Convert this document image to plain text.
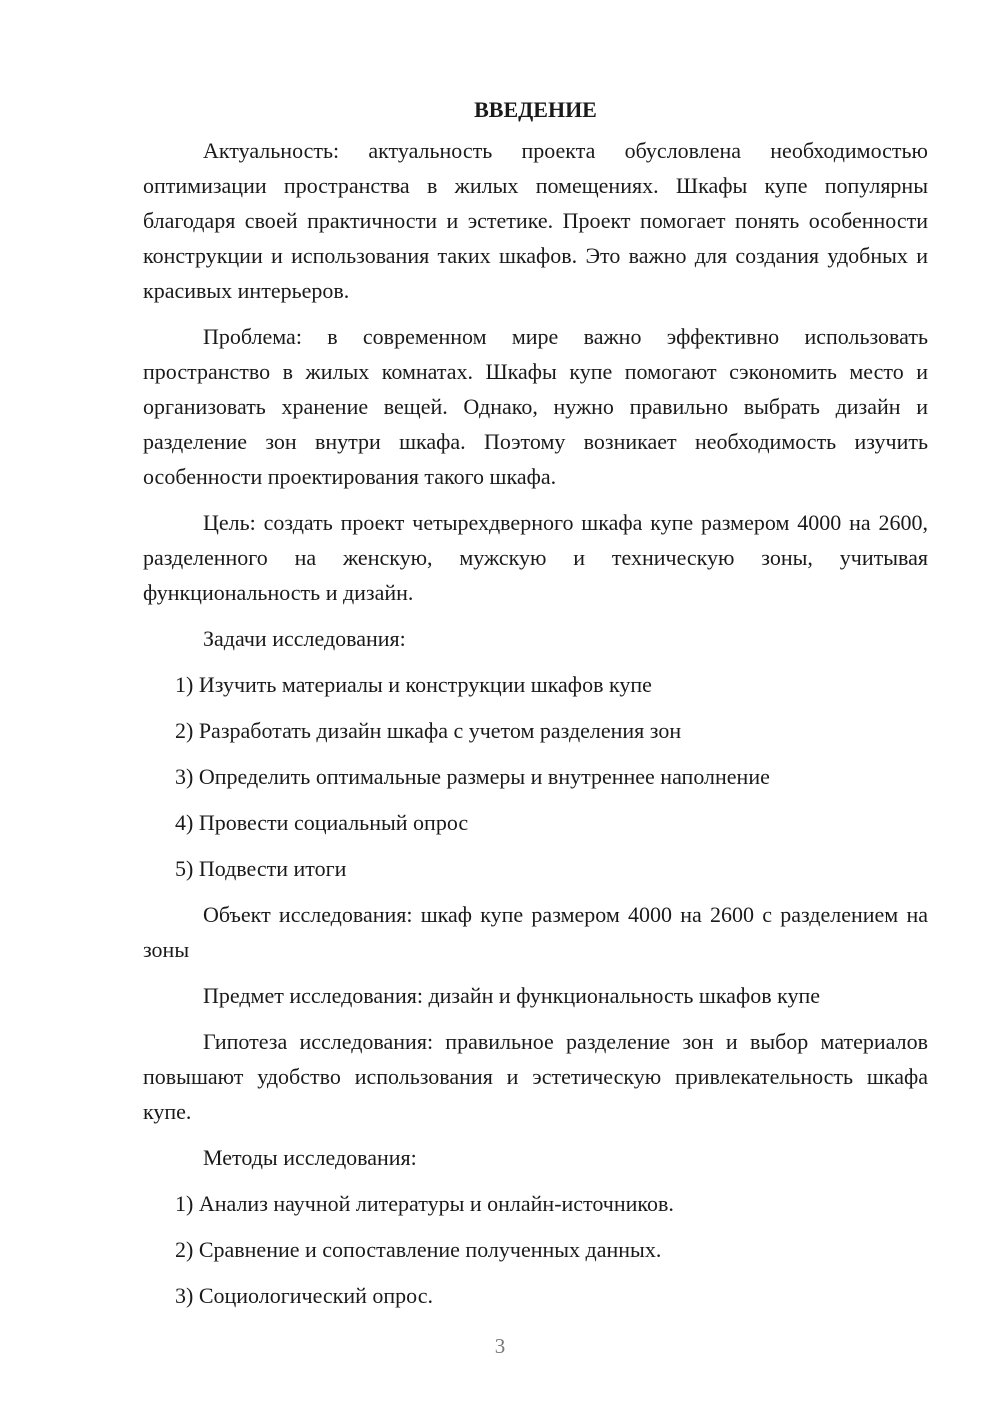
ВВЕДЕНИЕ

Актуальность: актуальность проекта обусловлена необходимостью оптимизации пространства в жилых помещениях. Шкафы купе популярны благодаря своей практичности и эстетике. Проект помогает понять особенности конструкции и использования таких шкафов. Это важно для создания удобных и красивых интерьеров.

Проблема: в современном мире важно эффективно использовать пространство в жилых комнатах. Шкафы купе помогают сэкономить место и организовать хранение вещей. Однако, нужно правильно выбрать дизайн и разделение зон внутри шкафа. Поэтому возникает необходимость изучить особенности проектирования такого шкафа.

Цель: создать проект четырехдверного шкафа купе размером 4000 на 2600, разделенного на женскую, мужскую и техническую зоны, учитывая функциональность и дизайн.

Задачи исследования:

1) Изучить материалы и конструкции шкафов купе
2) Разработать дизайн шкафа с учетом разделения зон
3) Определить оптимальные размеры и внутреннее наполнение
4) Провести социальный опрос
5) Подвести итоги

Объект исследования: шкаф купе размером 4000 на 2600 с разделением на зоны

Предмет исследования: дизайн и функциональность шкафов купе

Гипотеза исследования: правильное разделение зон и выбор материалов повышают удобство использования и эстетическую привлекательность шкафа купе.

Методы исследования:

1) Анализ научной литературы и онлайн-источников.
2) Сравнение и сопоставление полученных данных.
3) Социологический опрос.
3
